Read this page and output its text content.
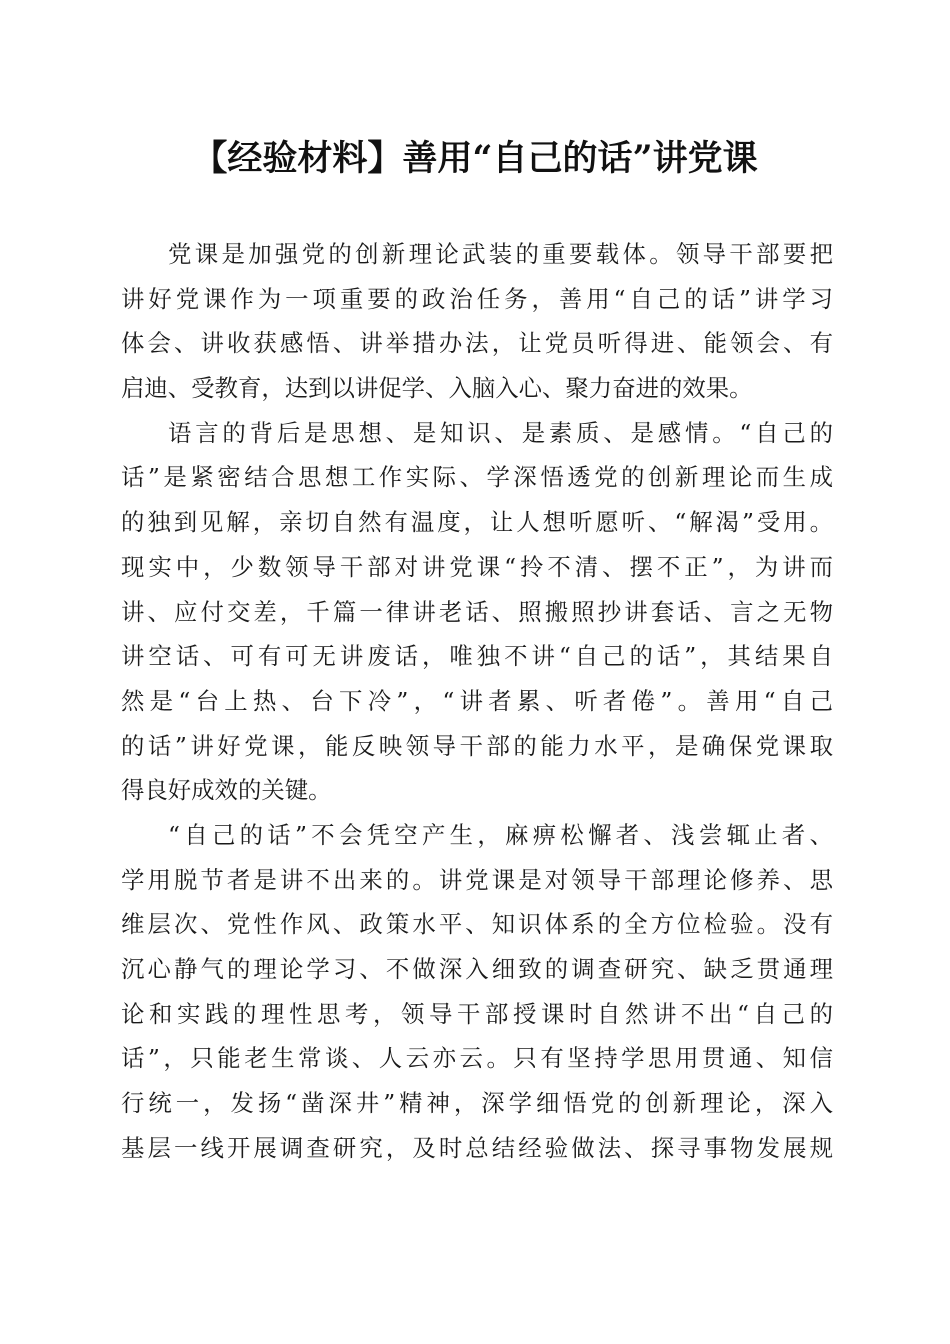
【经验材料】善用“自己的话”讲党课
党课是加强党的创新理论武装的重要载体。领导干部要把
讲好党课作为一项重要的政治任务，善用“自己的话”讲学习
体会、讲收获感悟、讲举措办法，让党员听得进、能领会、有
启迪、受教育，达到以讲促学、入脑入心、聚力奋进的效果。
语言的背后是思想、是知识、是素质、是感情。“自己的
话”是紧密结合思想工作实际、学深悟透党的创新理论而生成
的独到见解，亲切自然有温度，让人想听愿听、“解渴”受用。
现实中，少数领导干部对讲党课“拎不清、摆不正”，为讲而
讲、应付交差，千篇一律讲老话、照搬照抄讲套话、言之无物
讲空话、可有可无讲废话，唯独不讲“自己的话”，其结果自
然是“台上热、台下冷”，“讲者累、听者倦”。善用“自己
的话”讲好党课，能反映领导干部的能力水平，是确保党课取
得良好成效的关键。
“自己的话”不会凭空产生，麻痹松懈者、浅尝辄止者、
学用脱节者是讲不出来的。讲党课是对领导干部理论修养、思
维层次、党性作风、政策水平、知识体系的全方位检验。没有
沉心静气的理论学习、不做深入细致的调查研究、缺乏贯通理
论和实践的理性思考，领导干部授课时自然讲不出“自己的
话”，只能老生常谈、人云亦云。只有坚持学思用贯通、知信
行统一，发扬“凿深井”精神，深学细悟党的创新理论，深入
基层一线开展调查研究，及时总结经验做法、探寻事物发展规
